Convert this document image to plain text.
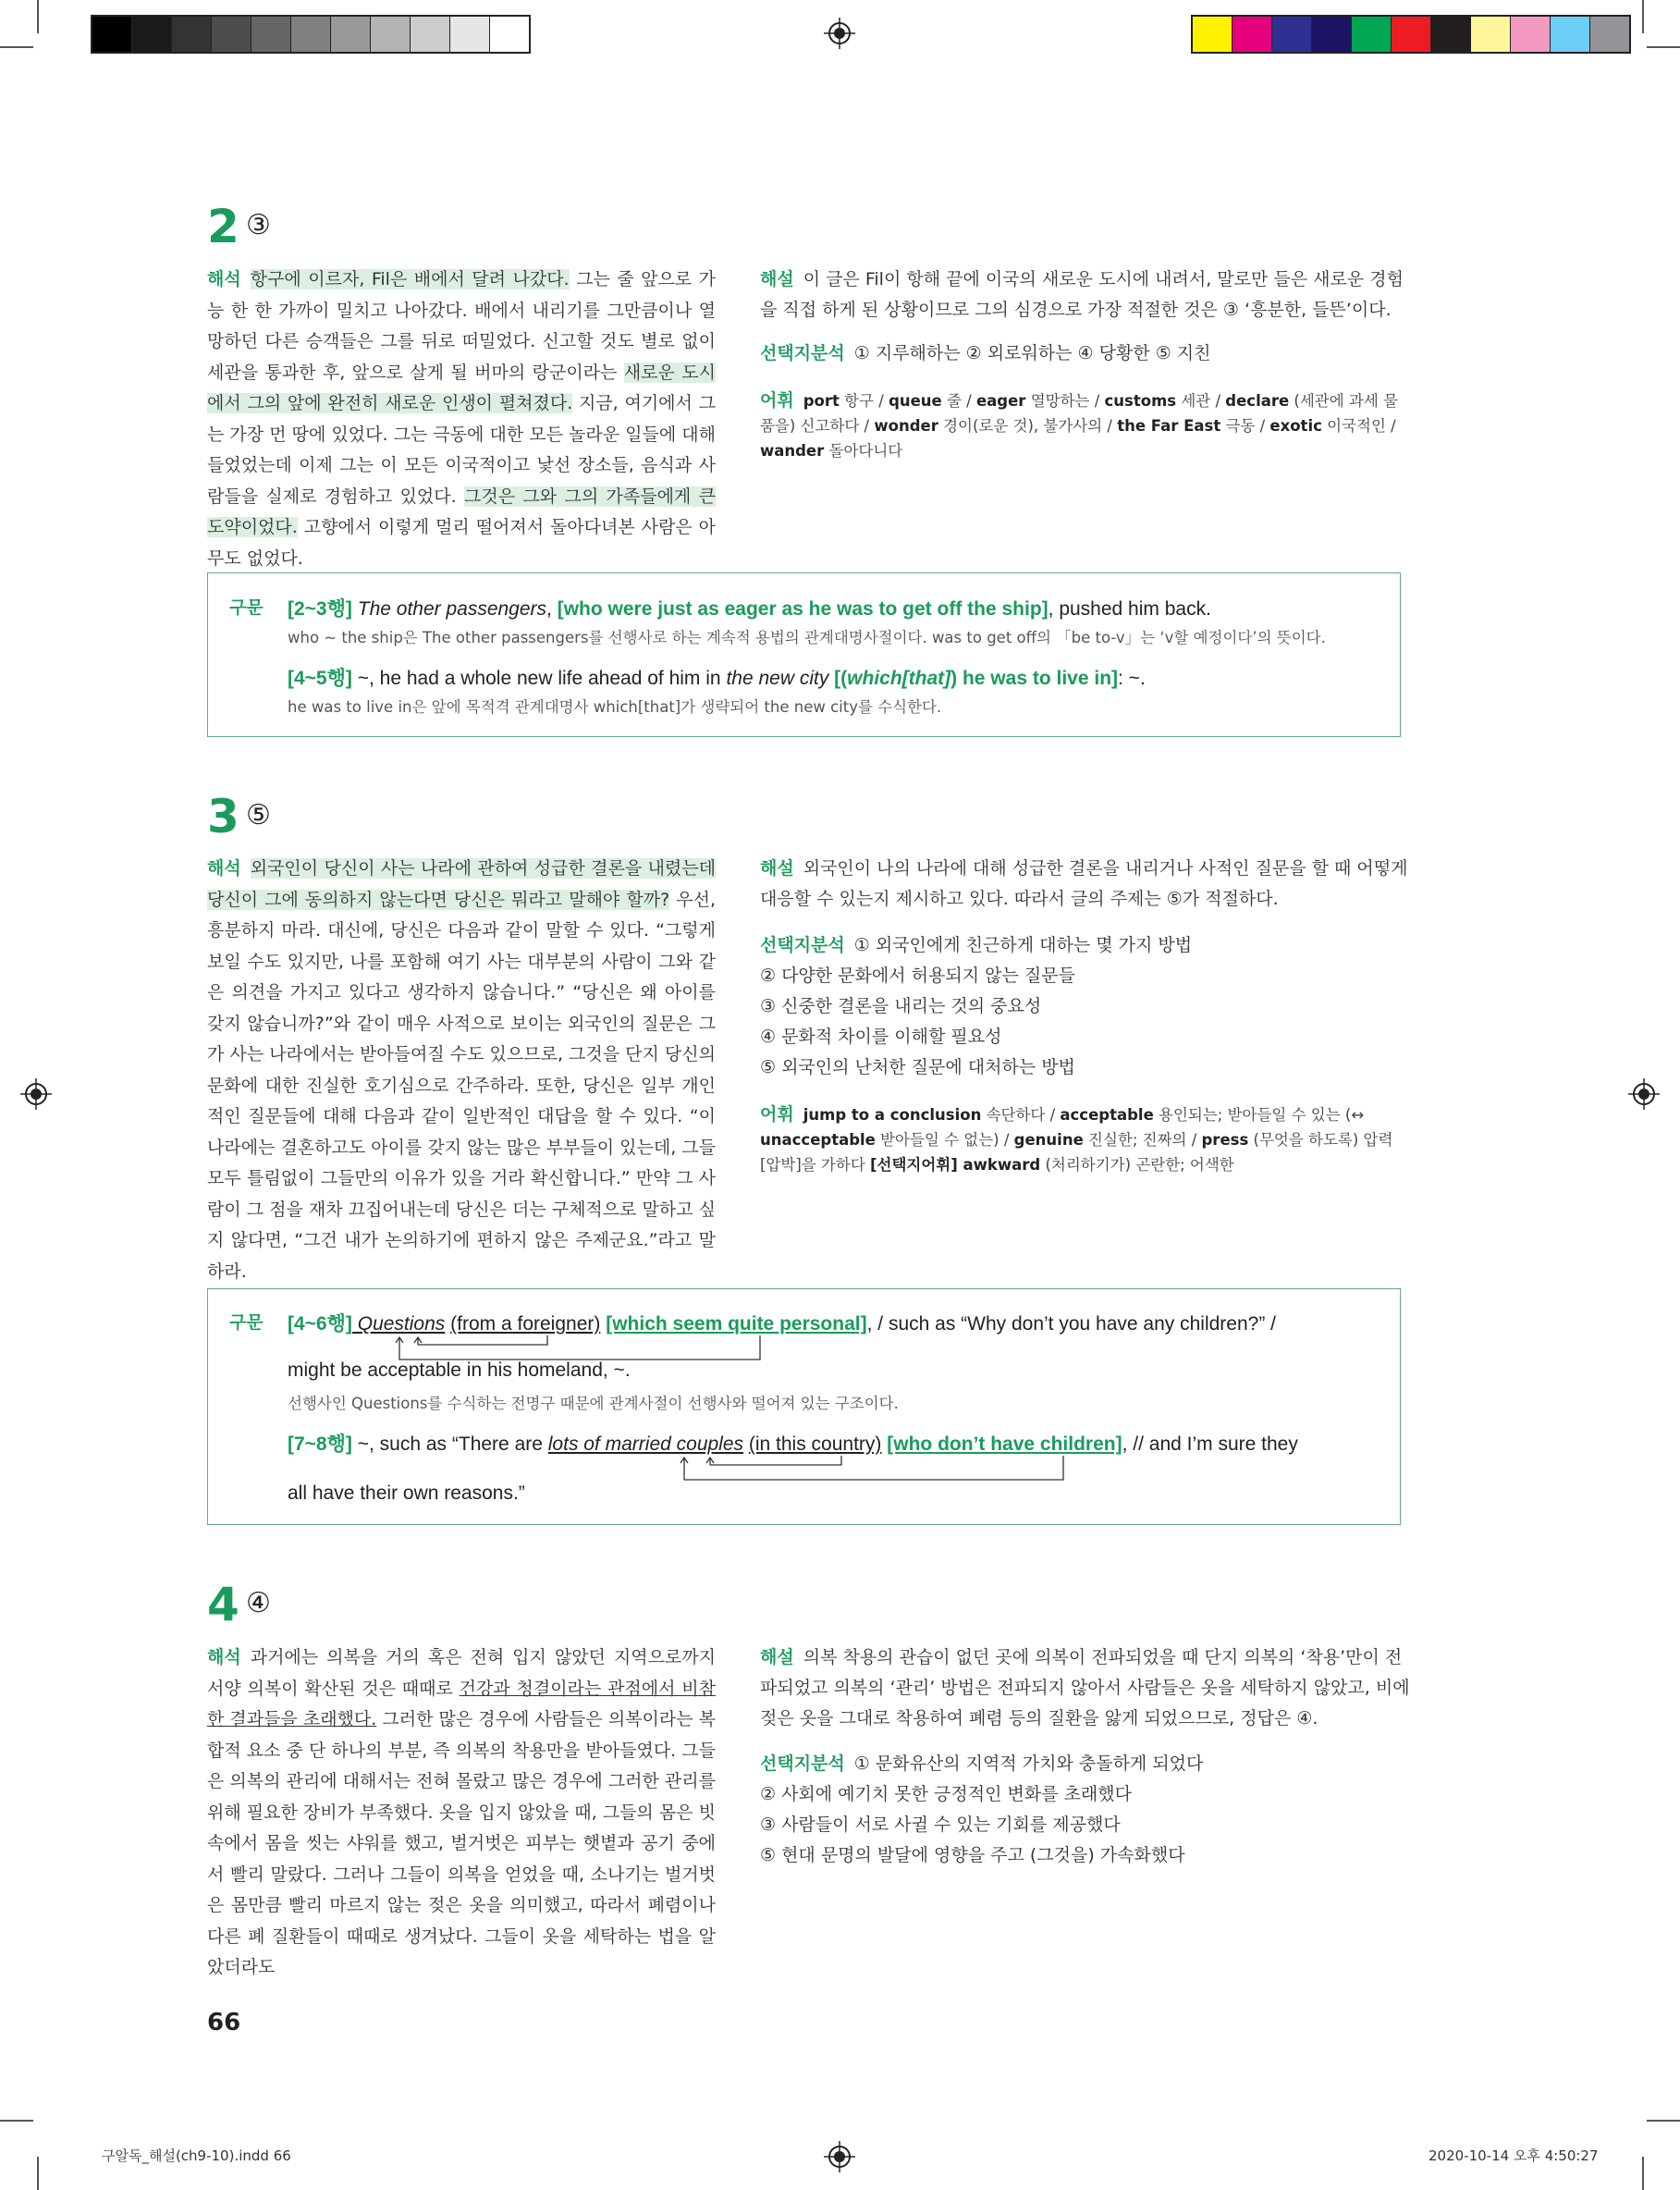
2 ③
해석 항구에 이르자, Fil은 배에서 달려 나갔다. 그는 줄 앞으로 가능 한 한 가까이 밀치고 나아갔다. 배에서 내리기를 그만큼이나 열망하던 다른 승객들은 그를 뒤로 떠밀었다. 신고할 것도 별로 없이 세관을 통과한 후, 앞으로 살게 될 버마의 랑군이라는 새로운 도시에서 그의 앞에 완전히 새로운 인생이 펼쳐졌다. 지금, 여기에서 그는 가장 먼 땅에 있었다. 그는 극동에 대한 모든 놀라운 일들에 대해 들었었는데 이제 그는 이 모든 이국적이고 낯선 장소들, 음식과 사람들을 실제로 경험하고 있었다. 그것은 그와 그의 가족들에게 큰 도약이었다. 고향에서 이렇게 멀리 떨어져서 돌아다녀본 사람은 아무도 없었다.
해설 이 글은 Fil이 항해 끝에 이국의 새로운 도시에 내려서, 말로만 들은 새로운 경험
을 직접 하게 된 상황이므로 그의 심경으로 가장 적절한 것은 ③ ‘흥분한, 들뜬’이다.
선택지분석 ① 지루해하는 ② 외로워하는 ④ 당황한 ⑤ 지친
어휘 port 항구 / queue 줄 / eager 열망하는 / customs 세관 / declare (세관에 과세 물품을) 신고하다 / wonder 경이(로운 것), 불가사의 / the Far East 극동 / exotic 이국적인 / wander 돌아다니다
구문 [2~3행] The other passengers, [who were just as eager as he was to get off the ship], pushed him back.
who ~ the ship은 The other passengers를 선행사로 하는 계속적 용법의 관계대명사절이다. was to get off의 「be to-v」는 ‘v할 예정이다’의 뜻이다.
[4~5행] ~, he had a whole new life ahead of him in the new city [(which[that]) he was to live in]: ~.
he was to live in은 앞에 목적격 관계대명사 which[that]가 생략되어 the new city를 수식한다.
3 ⑤
해석 외국인이 당신이 사는 나라에 관하여 성급한 결론을 내렸는데 당신이 그에 동의하지 않는다면 당신은 뭐라고 말해야 할까? 우선, 흥분하지 마라. 대신에, 당신은 다음과 같이 말할 수 있다. “그렇게 보일 수도 있지만, 나를 포함해 여기 사는 대부분의 사람이 그와 같은 의견을 가지고 있다고 생각하지 않습니다.” “당신은 왜 아이를 갖지 않습니까?”와 같이 매우 사적으로 보이는 외국인의 질문은 그가 사는 나라에서는 받아들여질 수도 있으므로, 그것을 단지 당신의 문화에 대한 진실한 호기심으로 간주하라. 또한, 당신은 일부 개인적인 질문들에 대해 다음과 같이 일반적인 대답을 할 수 있다. “이 나라에는 결혼하고도 아이를 갖지 않는 많은 부부들이 있는데, 그들 모두 틀림없이 그들만의 이유가 있을 거라 확신합니다.” 만약 그 사람이 그 점을 재차 끄집어내는데 당신은 더는 구체적으로 말하고 싶지 않다면, “그건 내가 논의하기에 편하지 않은 주제군요.”라고 말하라.
해설 외국인이 나의 나라에 대해 성급한 결론을 내리거나 사적인 질문을 할 때 어떻게
대응할 수 있는지 제시하고 있다. 따라서 글의 주제는 ⑤가 적절하다.
선택지분석 ① 외국인에게 친근하게 대하는 몇 가지 방법
② 다양한 문화에서 허용되지 않는 질문들
③ 신중한 결론을 내리는 것의 중요성
④ 문화적 차이를 이해할 필요성
⑤ 외국인의 난처한 질문에 대처하는 방법
어휘 jump to a conclusion 속단하다 / acceptable 용인되는; 받아들일 수 있는 (↔ unacceptable 받아들일 수 없는) / genuine 진실한; 진짜의 / press (무엇을 하도록) 압력[압박]을 가하다 [선택지어휘] awkward (처리하기가) 곤란한; 어색한
구문 [4~6행] Questions (from a foreigner) [which seem quite personal], / such as “Why don’t you have any children?” /
might be acceptable in his homeland, ~.
선행사인 Questions를 수식하는 전명구 때문에 관계사절이 선행사와 떨어져 있는 구조이다.
[7~8행] ~, such as “There are lots of married couples (in this country) [who don’t have children], // and I’m sure they
all have their own reasons.”
4 ④
해석 과거에는 의복을 거의 혹은 전혀 입지 않았던 지역으로까지 서양 의복이 확산된 것은 때때로 건강과 청결이라는 관점에서 비참한 결과들을 초래했다. 그러한 많은 경우에 사람들은 의복이라는 복합적 요소 중 단 하나의 부분, 즉 의복의 착용만을 받아들였다. 그들은 의복의 관리에 대해서는 전혀 몰랐고 많은 경우에 그러한 관리를 위해 필요한 장비가 부족했다. 옷을 입지 않았을 때, 그들의 몸은 빗속에서 몸을 씻는 샤워를 했고, 벌거벗은 피부는 햇볕과 공기 중에서 빨리 말랐다. 그러나 그들이 의복을 얻었을 때, 소나기는 벌거벗은 몸만큼 빨리 마르지 않는 젖은 옷을 의미했고, 따라서 폐렴이나 다른 폐 질환들이 때때로 생겨났다. 그들이 옷을 세탁하는 법을 알았더라도
해설 의복 착용의 관습이 없던 곳에 의복이 전파되었을 때 단지 의복의 ‘착용’만이 전
파되었고 의복의 ‘관리’ 방법은 전파되지 않아서 사람들은 옷을 세탁하지 않았고, 비에
젖은 옷을 그대로 착용하여 폐렴 등의 질환을 앓게 되었으므로, 정답은 ④.
선택지분석 ① 문화유산의 지역적 가치와 충돌하게 되었다
② 사회에 예기치 못한 긍정적인 변화를 초래했다
③ 사람들이 서로 사귈 수 있는 기회를 제공했다
⑤ 현대 문명의 발달에 영향을 주고 (그것을) 가속화했다
66
구알독_해설(ch9-10).indd 66	2020-10-14 오후 4:50:27
